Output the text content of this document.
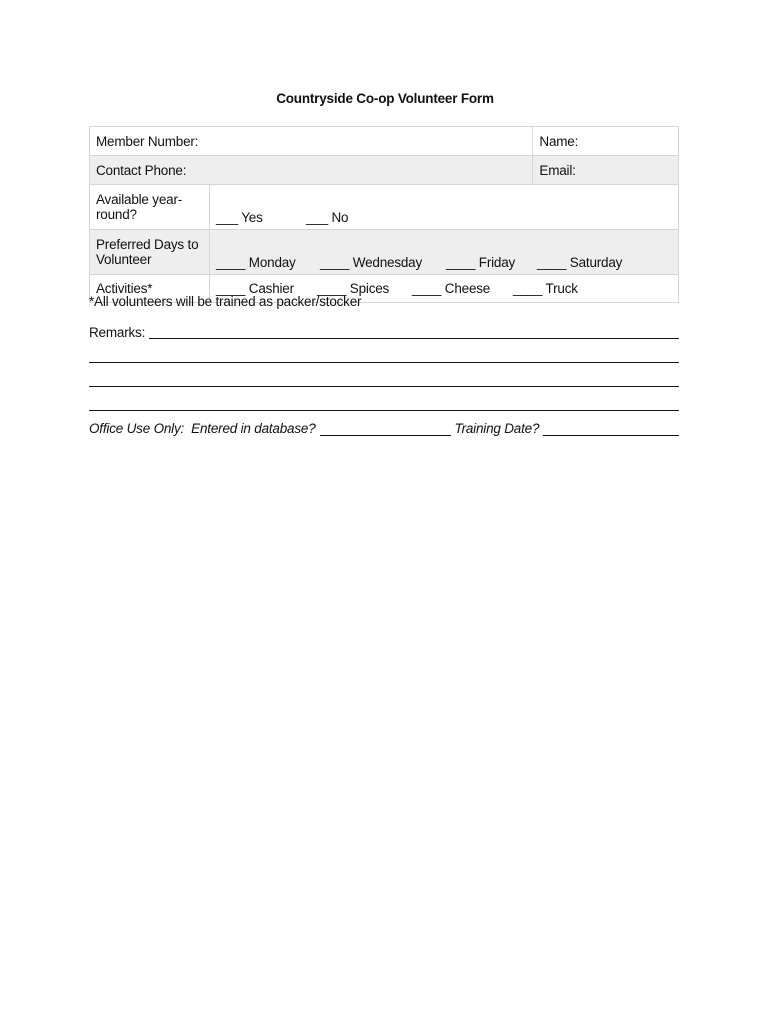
Countryside Co-op Volunteer Form
Member Number:		Name:
Contact Phone:		Email:
Available year-round?	___ Yes ___ No	
Preferred Days to Volunteer	____ Monday ____ Wednesday ____ Friday ____ Saturday	
Activities*	____ Cashier ____ Spices ____ Cheese ____ Truck	
*All volunteers will be trained as packer/stocker
Remarks:
Office Use Only:  Entered in database?	Training Date?
